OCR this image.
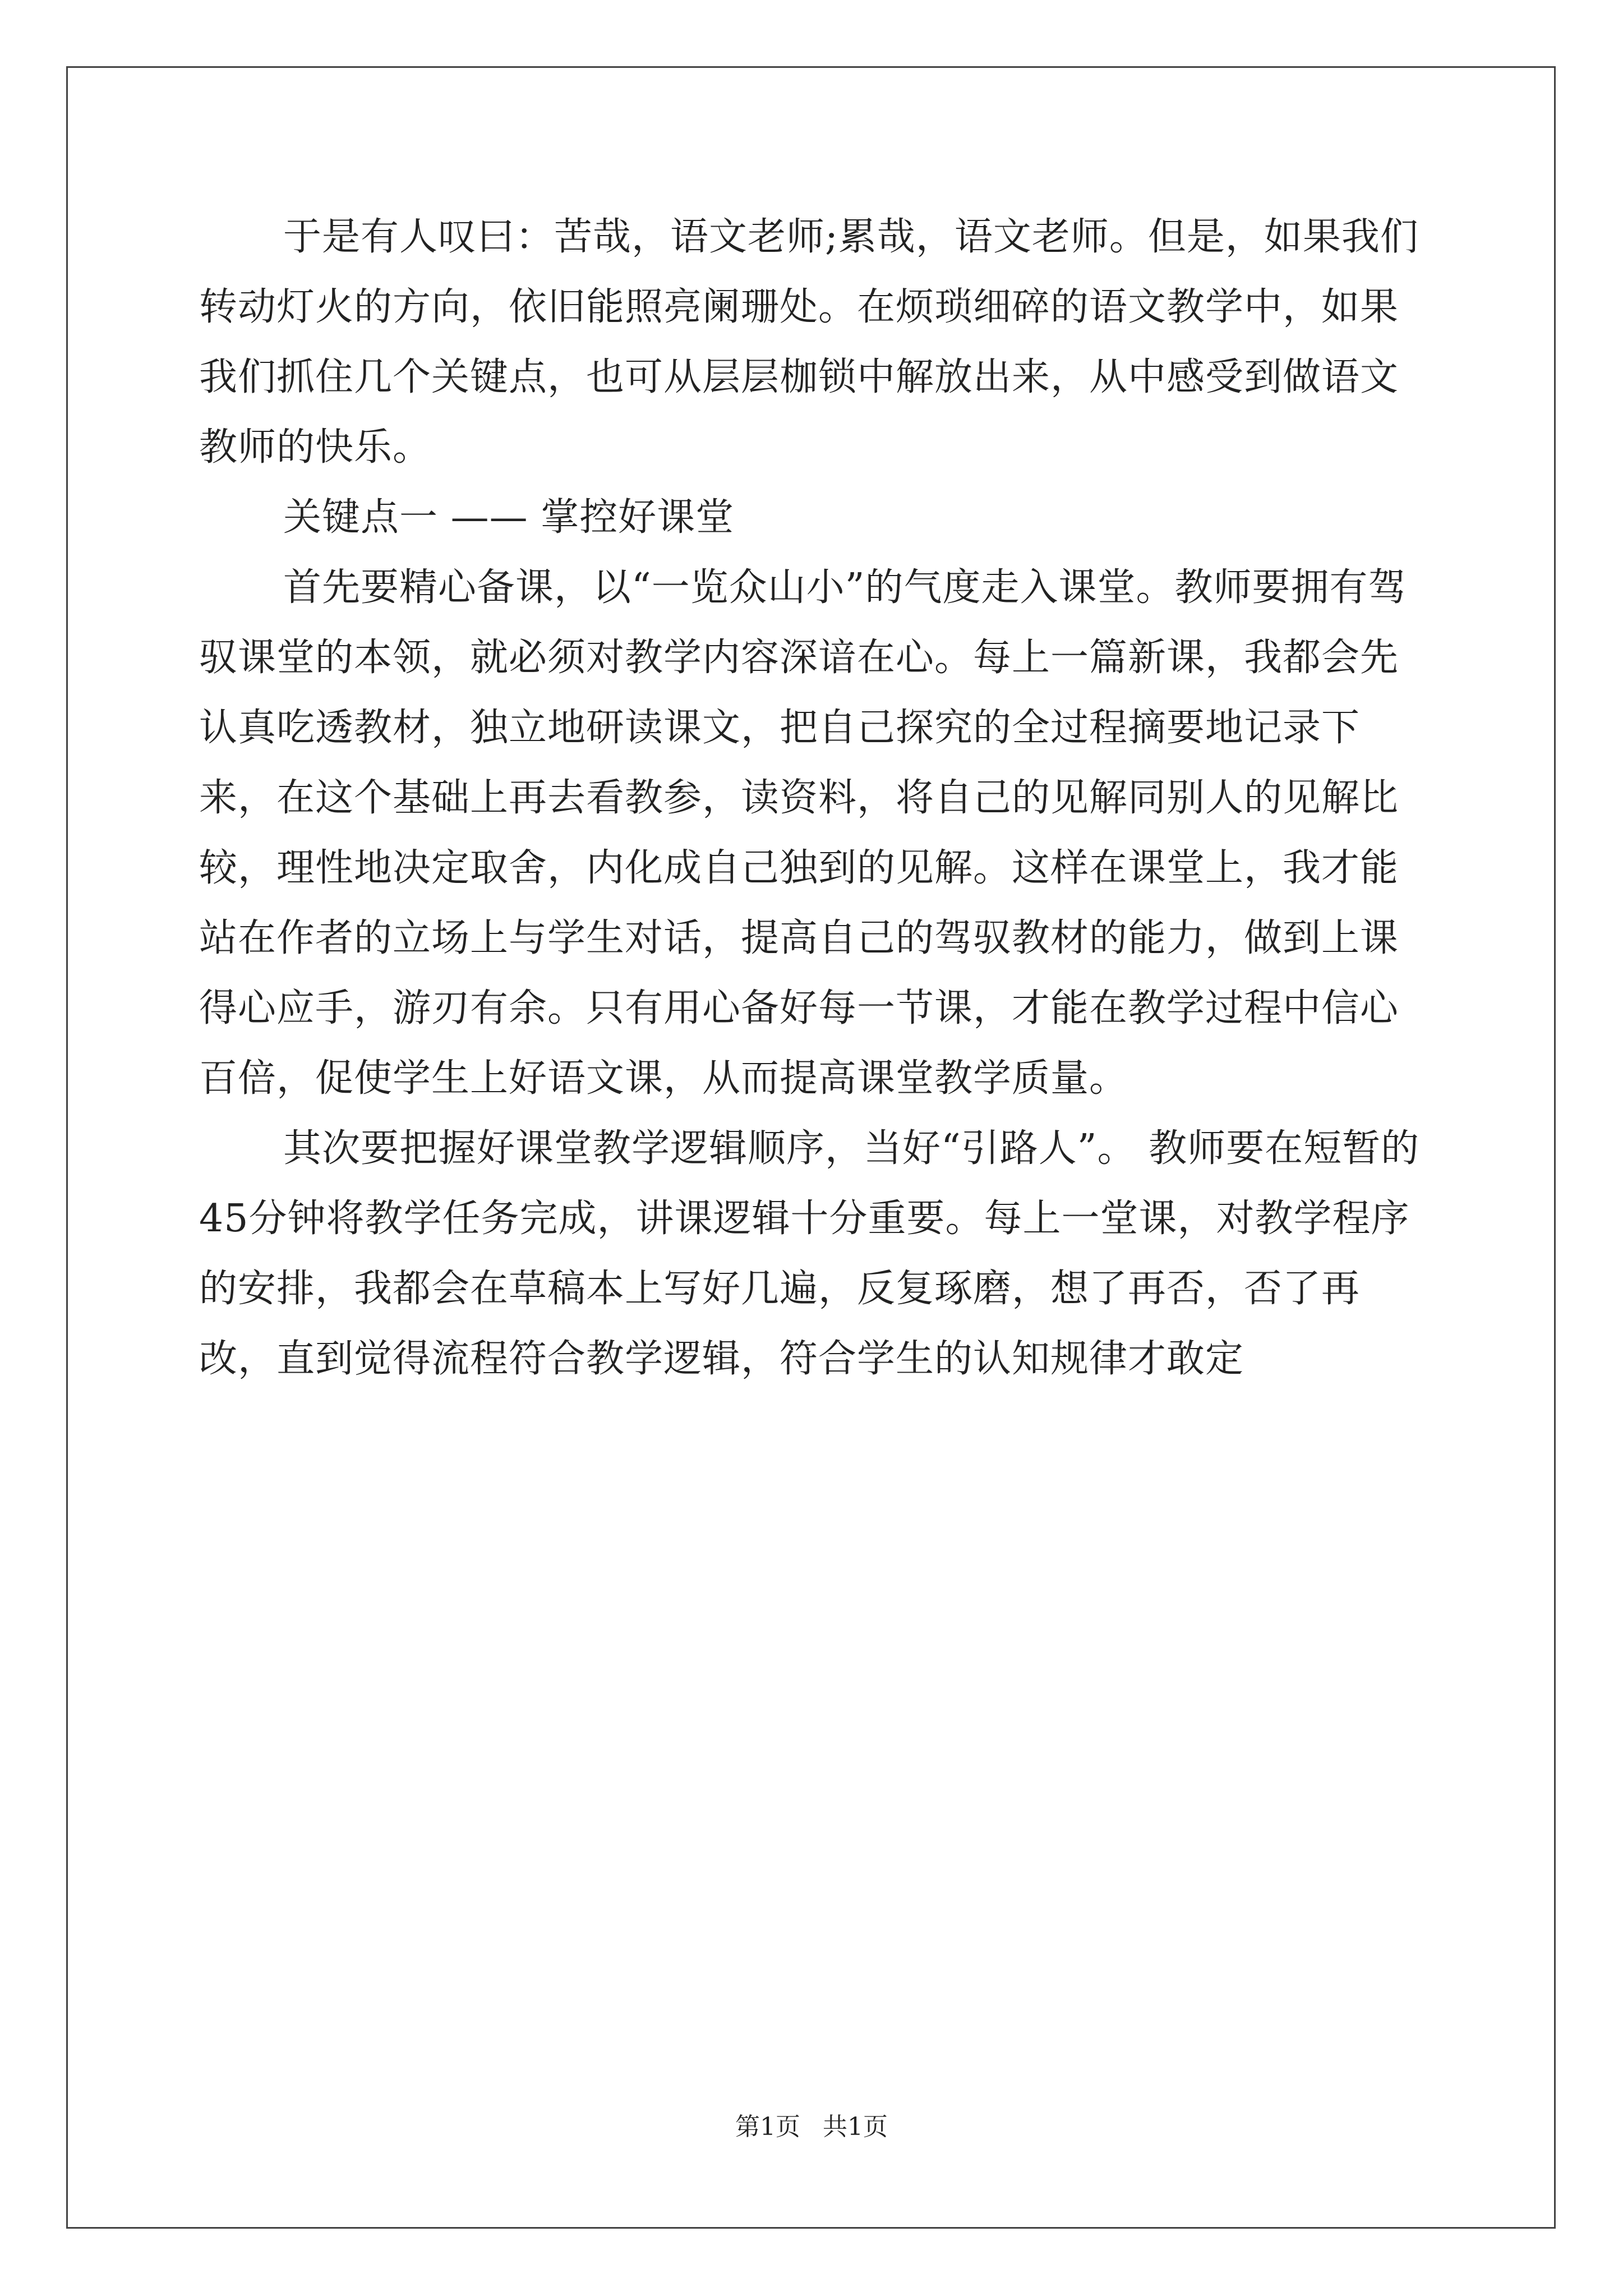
于是有人叹曰：苦哉，语文老师;累哉，语文老师。但是，如果我们转动灯火的方向，依旧能照亮阑珊处。在烦琐细碎的语文教学中，如果我们抓住几个关键点，也可从层层枷锁中解放出来，从中感受到做语文教师的快乐。

关键点一 —— 掌控好课堂

首先要精心备课，以“一览众山小”的气度走入课堂。教师要拥有驾驭课堂的本领，就必须对教学内容深谙在心。每上一篇新课，我都会先认真吃透教材，独立地研读课文，把自己探究的全过程摘要地记录下来，在这个基础上再去看教参，读资料，将自己的见解同别人的见解比较，理性地决定取舍，内化成自己独到的见解。这样在课堂上，我才能站在作者的立场上与学生对话，提高自己的驾驭教材的能力，做到上课得心应手，游刃有余。只有用心备好每一节课，才能在教学过程中信心百倍，促使学生上好语文课，从而提高课堂教学质量。

其次要把握好课堂教学逻辑顺序，当好“引路人”。 教师要在短暂的45分钟将教学任务完成，讲课逻辑十分重要。每上一堂课，对教学程序的安排，我都会在草稿本上写好几遍，反复琢磨，想了再否，否了再改，直到觉得流程符合教学逻辑，符合学生的认知规律才敢定

第1页 共1页
